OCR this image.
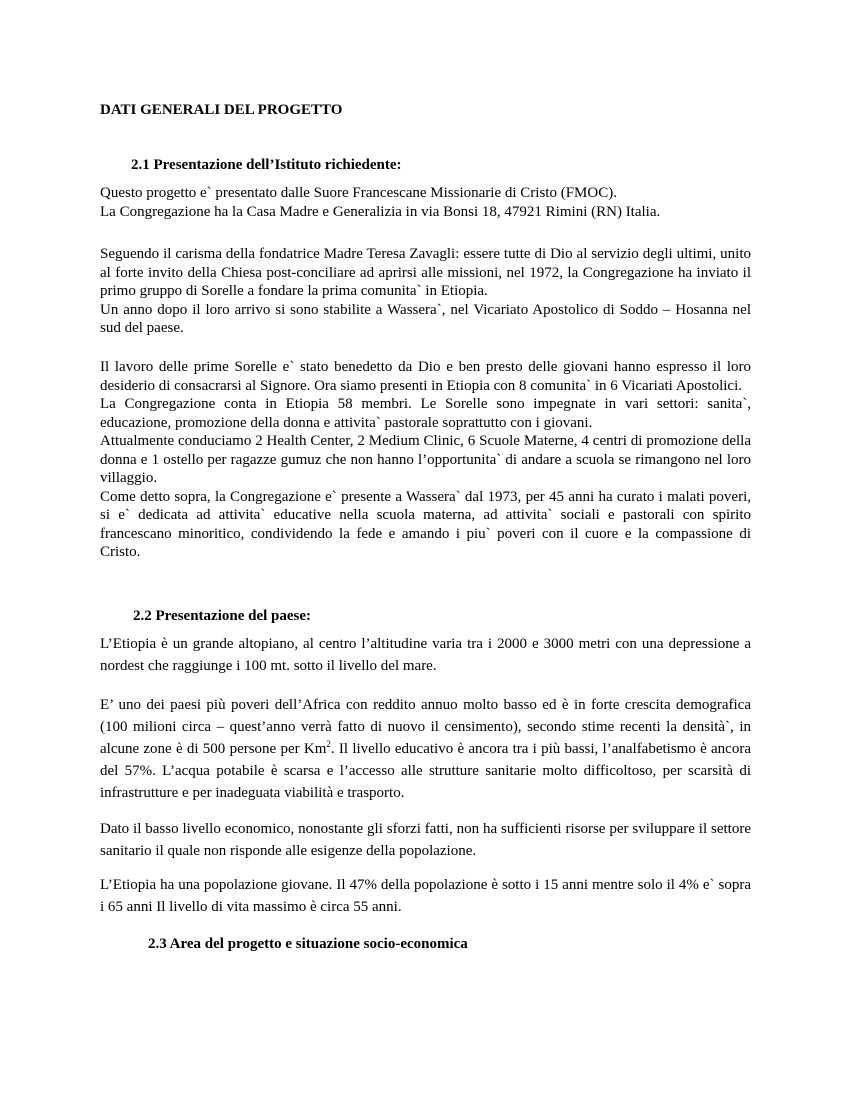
DATI GENERALI DEL PROGETTO
2.1 Presentazione dell’Istituto richiedente:
Questo progetto e` presentato dalle Suore Francescane Missionarie di Cristo (FMOC).
La Congregazione ha la Casa Madre e Generalizia in via Bonsi 18, 47921 Rimini (RN) Italia.
Seguendo il carisma della fondatrice Madre Teresa Zavagli: essere tutte di Dio al servizio degli ultimi, unito al forte invito della Chiesa post-conciliare ad aprirsi alle missioni, nel 1972, la Congregazione ha inviato il primo gruppo di Sorelle a fondare la prima comunita` in Etiopia.
Un anno dopo il loro arrivo si sono stabilite a Wassera`, nel Vicariato Apostolico di Soddo – Hosanna nel sud del paese.
Il lavoro delle prime Sorelle e` stato benedetto da Dio e ben presto delle giovani hanno espresso il loro desiderio di consacrarsi al Signore. Ora siamo presenti in Etiopia con 8 comunita` in 6 Vicariati Apostolici.
La Congregazione conta in Etiopia 58 membri. Le Sorelle sono impegnate in vari settori: sanita`, educazione, promozione della donna e attivita` pastorale soprattutto con i giovani.
Attualmente conduciamo 2 Health Center, 2 Medium Clinic, 6 Scuole Materne, 4 centri di promozione della donna e 1 ostello per ragazze gumuz che non hanno l’opportunita` di andare a scuola se rimangono nel loro villaggio.
Come detto sopra, la Congregazione e` presente a Wassera` dal 1973, per 45 anni ha curato i malati poveri, si e` dedicata ad attivita` educative nella scuola materna, ad attivita` sociali e pastorali con spirito francescano minoritico, condividendo la fede e amando i piu` poveri con il cuore e la compassione di Cristo.
2.2 Presentazione del paese:

L’Etiopia è un grande altopiano, al centro l’altitudine varia tra i 2000 e 3000 metri con una depressione a nordest che raggiunge i 100 mt. sotto il livello del mare.

E’ uno dei paesi più poveri dell’Africa con reddito annuo molto basso ed è in forte crescita demografica (100 milioni circa – quest’anno verrà fatto di nuovo il censimento), secondo stime recenti la densità`, in alcune zone è di 500 persone per Km$^2$. Il livello educativo è ancora tra i più bassi, l’analfabetismo è ancora del 57%. L’acqua potabile è scarsa e l’accesso alle strutture sanitarie molto difficoltoso, per scarsità di infrastrutture e per inadeguata viabilità e trasporto.

Dato il basso livello economico, nonostante gli sforzi fatti, non ha sufficienti risorse per sviluppare il settore sanitario il quale non risponde alle esigenze della popolazione.

L’Etiopia ha una popolazione giovane. Il 47% della popolazione è sotto i 15 anni mentre solo il 4% e` sopra i 65 anni Il livello di vita massimo è circa 55 anni.

2.3 Area del progetto e situazione socio-economica
